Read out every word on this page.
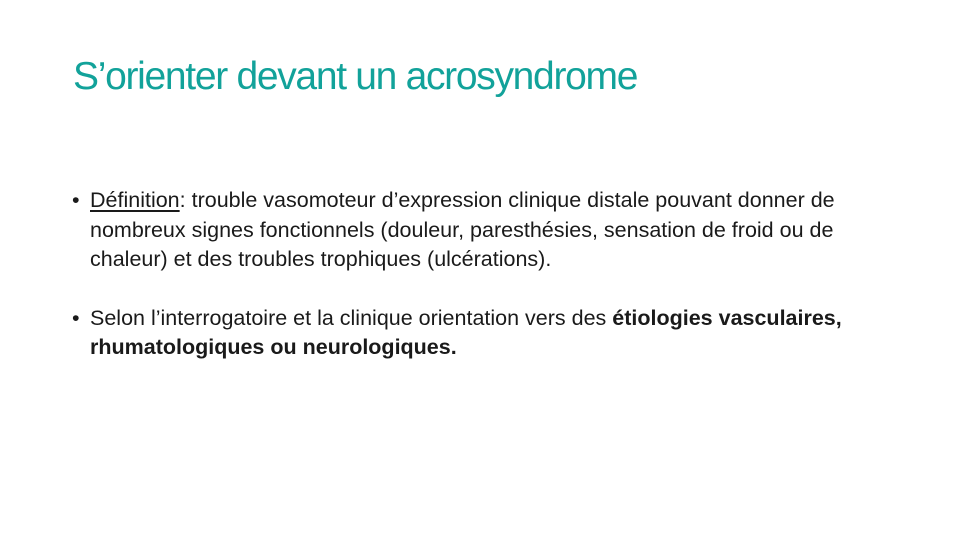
S’orienter devant un acrosyndrome
• Définition: trouble vasomoteur d’expression clinique distale pouvant donner de nombreux signes fonctionnels (douleur, paresthésies, sensation de froid ou de chaleur) et des troubles trophiques (ulcérations).
• Selon l’interrogatoire et la clinique orientation vers des étiologies vasculaires, rhumatologiques ou neurologiques.
